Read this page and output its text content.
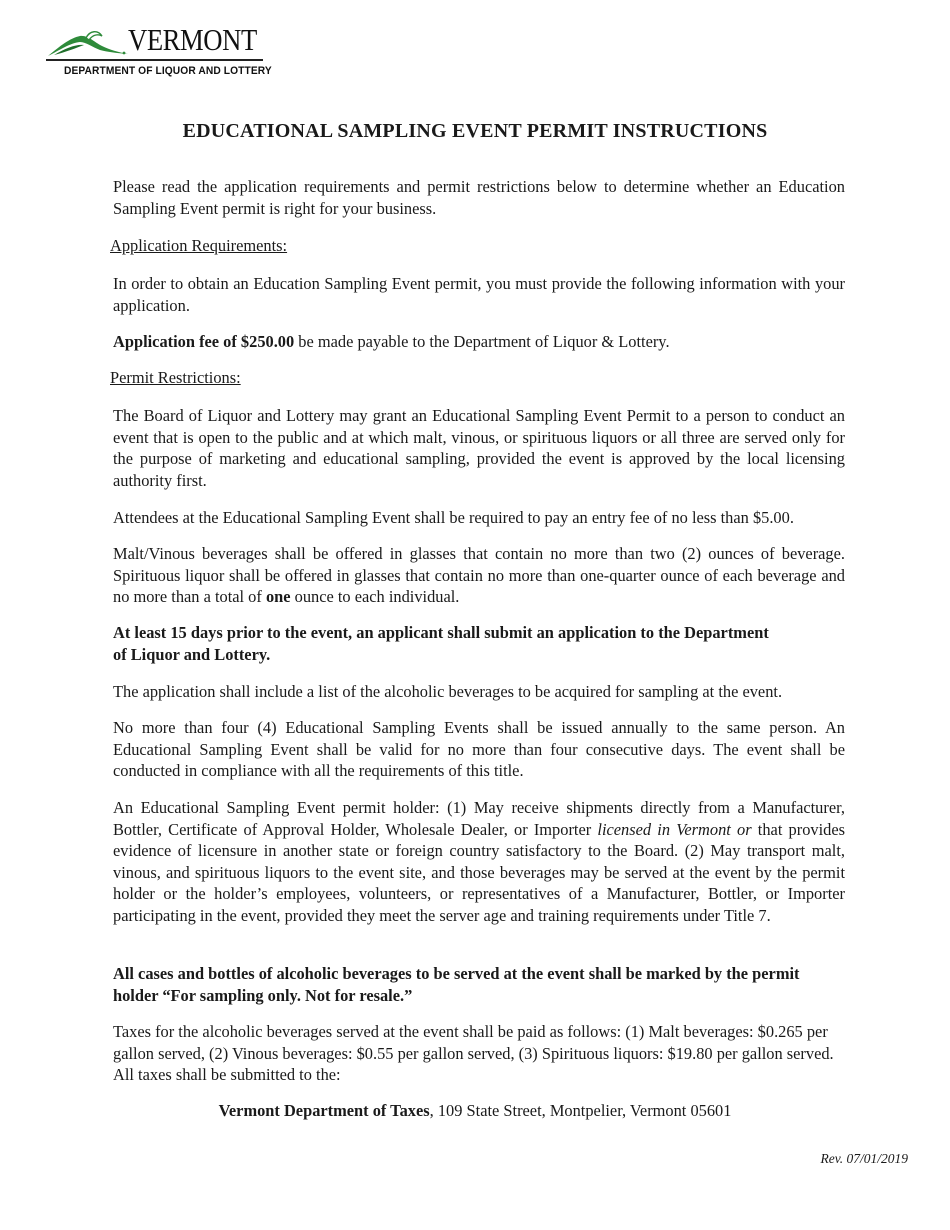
VERMONT
DEPARTMENT OF LIQUOR AND LOTTERY
EDUCATIONAL SAMPLING EVENT PERMIT INSTRUCTIONS

Please read the application requirements and permit restrictions below to determine whether an Education Sampling Event permit is right for your business.

Application Requirements:

In order to obtain an Education Sampling Event permit, you must provide the following information with your application.

Application fee of $250.00 be made payable to the Department of Liquor & Lottery.

Permit Restrictions:

The Board of Liquor and Lottery may grant an Educational Sampling Event Permit to a person to conduct an event that is open to the public and at which malt, vinous, or spirituous liquors or all three are served only for the purpose of marketing and educational sampling, provided the event is approved by the local licensing authority first.

Attendees at the Educational Sampling Event shall be required to pay an entry fee of no less than $5.00.

Malt/Vinous beverages shall be offered in glasses that contain no more than two (2) ounces of beverage. Spirituous liquor shall be offered in glasses that contain no more than one-quarter ounce of each beverage and no more than a total of one ounce to each individual.

At least 15 days prior to the event, an applicant shall submit an application to the Department of Liquor and Lottery.

The application shall include a list of the alcoholic beverages to be acquired for sampling at the event.

No more than four (4) Educational Sampling Events shall be issued annually to the same person. An Educational Sampling Event shall be valid for no more than four consecutive days. The event shall be conducted in compliance with all the requirements of this title.

An Educational Sampling Event permit holder: (1) May receive shipments directly from a Manufacturer, Bottler, Certificate of Approval Holder, Wholesale Dealer, or Importer licensed in Vermont or that provides evidence of licensure in another state or foreign country satisfactory to the Board. (2) May transport malt, vinous, and spirituous liquors to the event site, and those beverages may be served at the event by the permit holder or the holder’s employees, volunteers, or representatives of a Manufacturer, Bottler, or Importer participating in the event, provided they meet the server age and training requirements under Title 7.

All cases and bottles of alcoholic beverages to be served at the event shall be marked by the permit holder “For sampling only. Not for resale.”

Taxes for the alcoholic beverages served at the event shall be paid as follows: (1) Malt beverages: $0.265 per gallon served, (2) Vinous beverages: $0.55 per gallon served, (3) Spirituous liquors: $19.80 per gallon served. All taxes shall be submitted to the:

Vermont Department of Taxes, 109 State Street, Montpelier, Vermont 05601
Rev. 07/01/2019
